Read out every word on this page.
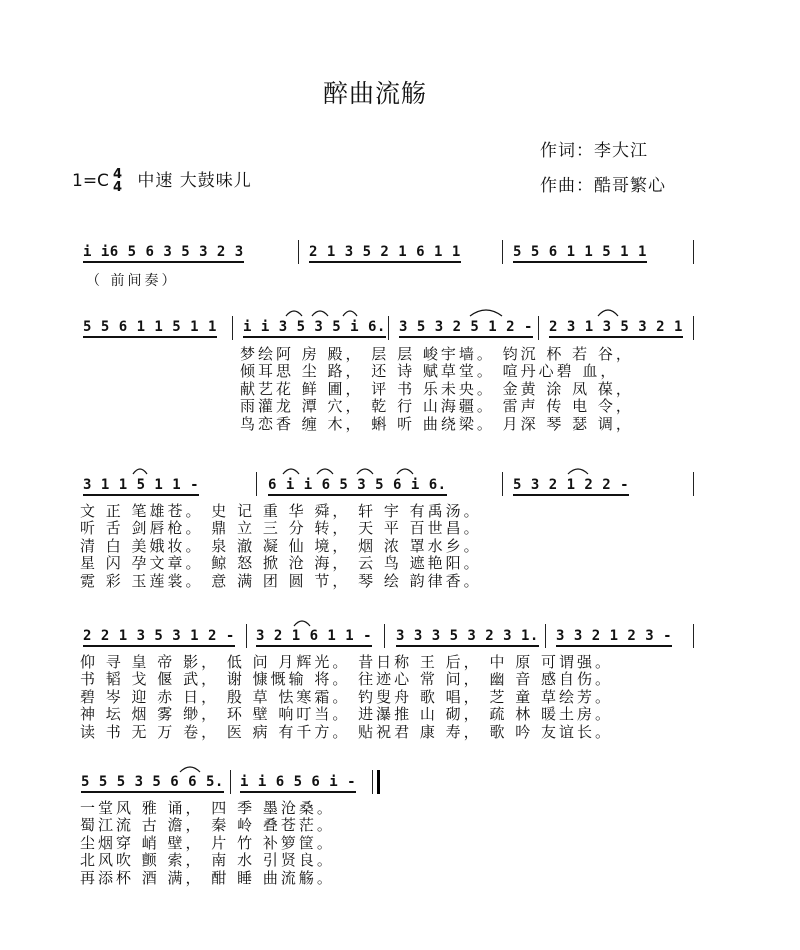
醉曲流觞
作词：李大江
作曲：酷哥繁心
1=C 4
4 中速 大鼓味儿
i i6 5 6 3 5 3 2 3	2 1 3 5 2 1 6 1 1	5 5 6 1 1 5 1 1
（ 前间奏）
5 5 6 1 1 5 1 1 i i 3 5 3 5 i 6. 3 5 3 2 5 1 2 - 2 3 1 3 5 3 2 1
梦绘阿 房 殿， 层 层 峻宇墙。 钧沉 杯 若 谷，
倾耳思 尘 路， 还 诗 赋草堂。 喧丹心碧 血，
献艺花 鲜 圃， 评 书 乐未央。 金黄 涂 凤 葆，
雨灌龙 潭 穴， 乾 行 山海疆。 雷声 传 电 令，
鸟恋香 缠 木， 蝌 听 曲绕梁。 月深 琴 瑟 调，
3 1 1 5 1 1 -	6 i i 6 5 3 5 6 i 6.	5 3 2 1 2 2 -
文 正 笔雄苍。 史 记 重 华 舜， 轩 宇 有禹汤。
听 舌 剑唇枪。 鼎 立 三 分 转， 天 平 百世昌。
清 白 美娥妆。 泉 澈 凝 仙 境， 烟 浓 罩水乡。
星 闪 孕文章。 鲸 怒 掀 沧 海， 云 鸟 遮艳阳。
霓 彩 玉莲裳。 意 满 团 圆 节， 琴 绘 韵律香。
2 2 1 3 5 3 1 2 - 3 2 1 6 1 1 - 3 3 3 5 3 2 3 1. 3 3 2 1 2 3 -
仰 寻 皇 帝 影， 低 问 月辉光。 昔日称 王 后， 中 原 可谓强。
书 韬 戈 偃 武， 谢 慷慨输 将。 往迹心 常 问， 幽 音 感自伤。
碧 岑 迎 赤 日， 殷 草 怯寒霜。 钓叟舟 歌 唱， 芝 童 草绘芳。
神 坛 烟 雾 缈， 环 壁 响叮当。 进瀑推 山 砌， 疏 林 暖土房。
读 书 无 万 卷， 医 病 有千方。 贴祝君 康 寿， 歌 吟 友谊长。
5 5 5 3 5 6 6 5. i i 6 5 6 i -
一堂风 雅 诵， 四 季 墨沧桑。
蜀江流 古 澹， 秦 岭 叠苍茫。
尘烟穿 峭 壁， 片 竹 补箩筐。
北风吹 颤 索， 南 水 引贤良。
再添杯 酒 满， 酣 睡 曲流觞。
